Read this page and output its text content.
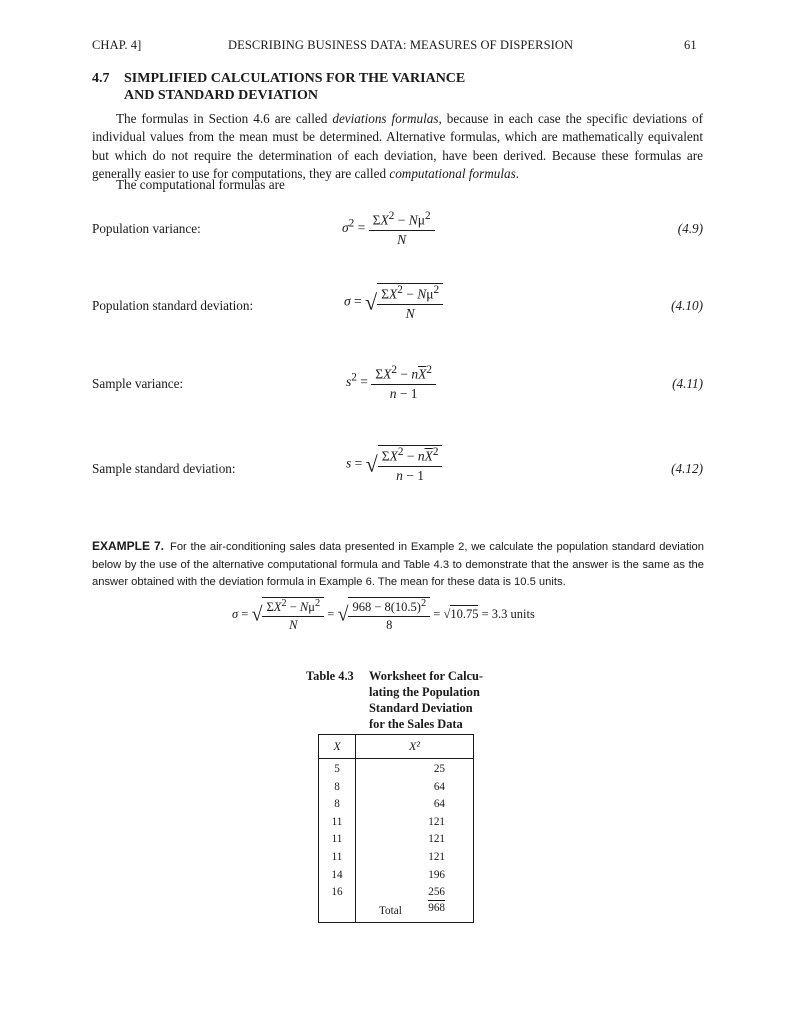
CHAP. 4]	DESCRIBING BUSINESS DATA: MEASURES OF DISPERSION	61
4.7 SIMPLIFIED CALCULATIONS FOR THE VARIANCE
AND STANDARD DEVIATION
The formulas in Section 4.6 are called deviations formulas, because in each case the specific deviations of individual values from the mean must be determined. Alternative formulas, which are mathematically equivalent but which do not require the determination of each deviation, have been derived. Because these formulas are generally easier to use for computations, they are called computational formulas.
The computational formulas are
Population variance:	$\sigma^2 = \frac{\Sigma X^2 - N\mu^2}{N}$	(4.9)
Population standard deviation:	σ = √ $\frac{\Sigma X^2 - N\mu^2}{N}$	(4.10)
Sample variance:	$s^2 = \frac{\Sigma X^2 - n\overline{X}^2}{n - 1}$	(4.11)
Sample standard deviation:	s = √ $\frac{\Sigma X^2 - n\overline{X}^2}{n - 1}$	(4.12)
EXAMPLE 7. For the air-conditioning sales data presented in Example 2, we calculate the population standard deviation below by the use of the alternative computational formula and Table 4.3 to demonstrate that the answer is the same as the answer obtained with the deviation formula in Example 6. The mean for these data is 10.5 units.
σ = √ $\frac{\Sigma X^2 - N\mu^2}{N}$ = √ $\frac{968 - 8(10.5)^2}{8} = √10.75 = 3.3$ units
Table 4.3	Worksheet for Calcu-
lating the Population
Standard Deviation
for the Sales Data
X	X²
5	25
8	64
8	64
11	121
11	121
11	121
14	196
16	256
Total	968
